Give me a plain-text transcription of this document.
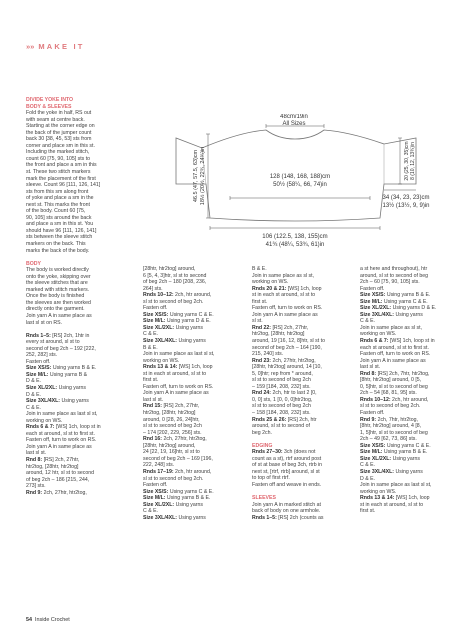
»» MAKE IT
48cm/19in
All Sizes
46.5 (47, 57.5, 63)cm 18½ (20½, 22¾, 24¾)in	20 (25, 30, 35)cm 8 (10, 12, 13¾)in
128 (148, 168, 188)cm
50½ (58¼, 66, 74)in
34 (34, 23, 23)cm
13½ (13½, 9, 9)in
106 (122.5, 138, 155)cm
41¾ (48¼, 53¾, 61)in

DIVIDE YOKE INTO

BODY & SLEEVES

Fold the yoke in half, RS out

with seam at centre back.

Starting at the corner edge on

the back of the jumper count

back 30 [38, 45, 53] sts from

corner and place sm in this st.

Including the marked stitch,

count 60 [75, 90, 105] sts to

the front and place a sm in this

st. These two stitch markers

mark the placement of the first

sleeve. Count 96 [111, 126, 141]

sts from this sm along front

of yoke and place a sm in the

next st. This marks the front

of the body. Count 60 [75,

90, 105] sts around the back

and place a sm in this st. You

should have 96 [111, 126, 141]

sts between the sleeve stitch

markers on the back. This

marks the back of the body.

BODY

The body is worked directly

onto the yoke, skipping over

the sleeve stitches that are

marked with stitch markers.

Once the body is finished

the sleeves are then worked

directly onto the garment.

Join yarn A in same place as

last sl st on RS.

Rnds 1–5: [RS] 2ch, 1htr in

every st around, sl st to

second of beg 2ch – 192 [222,

252, 282] sts.

Fasten off.

Size XS/S: Using yarns B & E.

Size M/L: Using yarns B &

D & E.

Size XL/2XL: Using yarns

D & E.

Size 3XL/4XL: Using yarns

C & E.

Join in same place as last sl st,

working on WS.

Rnds 6 & 7: [WS] 1ch, loop st in

each st around, sl st to first st.

Fasten off, turn to work on RS.

Join yarn A in same place as

last sl st.

Rnd 8: [RS] 2ch, 27htr,

htr2tog, [28htr, htr2tog]

around, 12 htr, sl st to second

of beg 2ch – 186 [215, 244,

273] sts.

Rnd 9: 2ch, 27htr, htr2tog,

[28htr, htr2tog] around,

6 [5, 4, 3]htr, sl st to second

of beg 2ch – 180 [208, 236,

264] sts.

Rnds 10–12: 2ch, htr around,

sl st to second of beg 2ch.

Fasten off.

Size XS/S: Using yarns C & E.

Size M/L: Using yarns D & E.

Size XL/2XL: Using yarns

C & E.

Size 3XL/4XL: Using yarns

B & E.

Join in same place as last sl st,

working on WS.

Rnds 13 & 14: [WS] 1ch, loop

st in each st around, sl st to

first st.

Fasten off, turn to work on RS.

Join yarn A in same place as

last sl st.

Rnd 15: [RS] 2ch, 27htr,

htr2tog, [28htr, htr2tog]

around, 0 [28, 26, 24]htr,

sl st to second of beg 2ch

– 174 [202, 229, 256] sts.

Rnd 16: 2ch, 27htr, htr2tog,

[28htr, htr2tog] around,

24 [22, 19, 16]htr, sl st to

second of beg 2ch – 169 [196,

222, 248] sts.

Rnds 17–19: 2ch, htr around,

sl st to second of beg 2ch.

Fasten off.

Size XS/S: Using yarns C & E.

Size M/L: Using yarns B & E.

Size XL/2XL: Using yarns

C & E.

Size 3XL/4XL: Using yarns

B & E.

Join in same place as sl st,

working on WS.

Rnds 20 & 21: [WS] 1ch, loop

st in each st around, sl st to

first st.

Fasten off, turn to work on RS.

Join yarn A in same place as

sl st.

Rnd 22: [RS] 2ch, 27htr,

htr2tog, [28htr, htr2tog]

around, 19 [16, 12, 8]htr, sl st to

second of beg 2ch – 164 [190,

215, 240] sts.

Rnd 23: 2ch, 27htr, htr2tog,

[28htr, htr2tog] around, 14 [10,

5, 0]htr; rep from * around,

sl st to second of beg 2ch

– 159 [184, 208, 232] sts.

Rnd 24: 2ch, htr to last 2 [0,

0, 0] sts, 1 [0, 0, 0]htr2tog,

sl st to second of beg 2ch

– 158 [184, 208, 232] sts.

Rnds 25 & 26: [RS] 2ch, htr

around, sl st to second of

beg 2ch.

EDGING

Rnds 27–30: 3ch (does not

count as a st), rtrf around post

of st at base of beg 3ch, rtrb in

next st, [rtrf, rtrb] around, sl st

to top of first rtrf.

Fasten off and weave in ends.

SLEEVES

Join yarn A in marked stitch at

back of body on one armhole.

Rnds 1–5: [RS] 2ch (counts as

a st here and throughout), htr

around, sl st to second of beg

2ch – 60 [75, 90, 105] sts.

Fasten off.

Size XS/S: Using yarns B & E.

Size M/L: Using yarns C & E.

Size XL/2XL: Using yarns D & E.

Size 3XL/4XL: Using yarns

C & E.

Join in same place as sl st,

working on WS.

Rnds 6 & 7: [WS] 1ch, loop st in

each st around, sl st to first st.

Fasten off, turn to work on RS.

Join yarn A in same place as

last sl st.

Rnd 8: [RS] 2ch, 7htr, htr2tog,

[8htr, htr2tog] around, 0 [5,

0, 5]htr, sl st to second of beg

2ch – 54 [68, 81, 95] sts.

Rnds 10–12: 2ch, htr around,

sl st to second of beg 2ch.

Fasten off.

Rnd 9: 2ch, 7htr, htr2tog,

[8htr, htr2tog] around, 4 [8,

1, 5]htr, sl st to second of beg

2ch – 49 [62, 73, 86] sts.

Size XS/S: Using yarns C & E.

Size M/L: Using yarns B & E.

Size XL/2XL: Using yarns

C & E.

Size 3XL/4XL: Using yarns

D & E.

Join in same place as last sl st,

working on WS.

Rnds 13 & 14: [WS] 1ch, loop

st in each st around, sl st to

first st.

54 Inside Crochet
